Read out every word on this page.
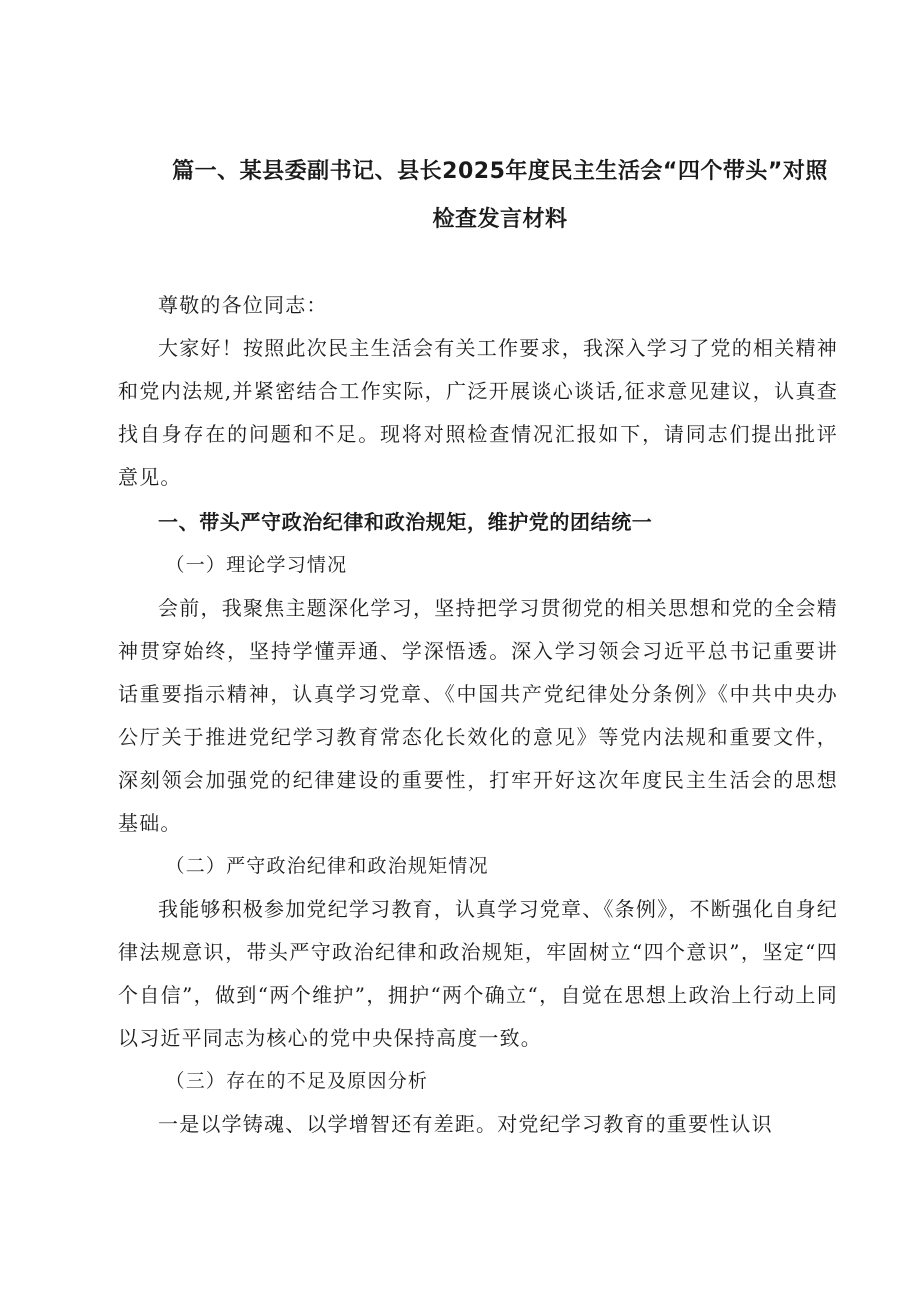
篇一、某县委副书记、县长2025年度民主生活会“四个带头”对照
检查发言材料

尊敬的各位同志：

大家好！按照此次民主生活会有关工作要求，我深入学习了党的相关精神和党内法规,并紧密结合工作实际，广泛开展谈心谈话,征求意见建议，认真查找自身存在的问题和不足。现将对照检查情况汇报如下，请同志们提出批评意见。

一、带头严守政治纪律和政治规矩，维护党的团结统一

（一）理论学习情况

会前，我聚焦主题深化学习，坚持把学习贯彻党的相关思想和党的全会精神贯穿始终，坚持学懂弄通、学深悟透。深入学习领会习近平总书记重要讲话重要指示精神，认真学习党章、《中国共产党纪律处分条例》《中共中央办公厅关于推进党纪学习教育常态化长效化的意见》等党内法规和重要文件，深刻领会加强党的纪律建设的重要性，打牢开好这次年度民主生活会的思想基础。

（二）严守政治纪律和政治规矩情况

我能够积极参加党纪学习教育，认真学习党章、《条例》，不断强化自身纪律法规意识，带头严守政治纪律和政治规矩，牢固树立“四个意识”，坚定“四个自信”，做到“两个维护”，拥护“两个确立“，自觉在思想上政治上行动上同以习近平同志为核心的党中央保持高度一致。

（三）存在的不足及原因分析

一是以学铸魂、以学增智还有差距。对党纪学习教育的重要性认识
